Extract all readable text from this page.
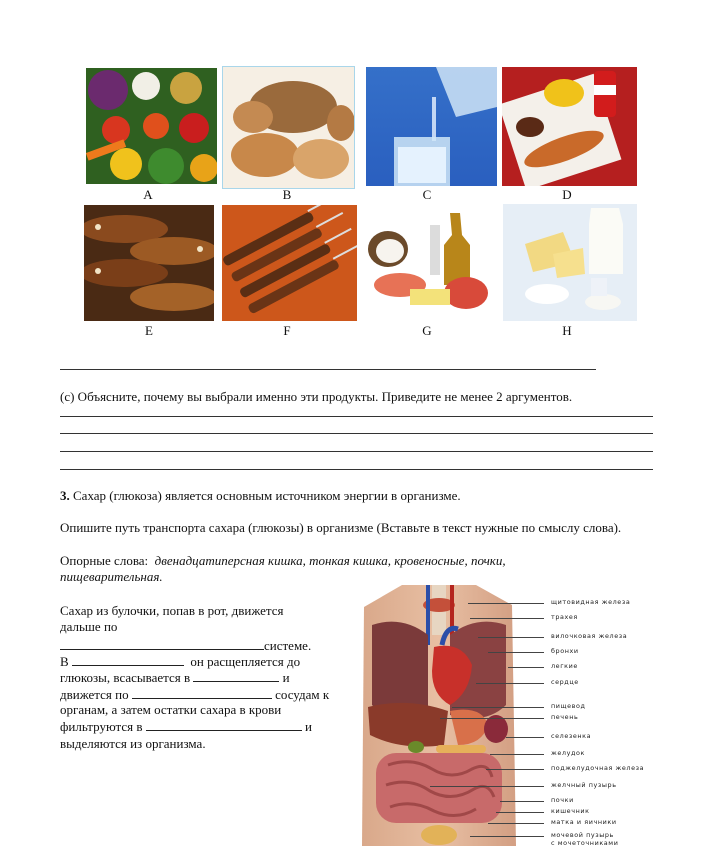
A	B	C	D
E	F	G	H
(c) Объясните, почему вы выбрали именно эти продукты. Приведите не менее 2 аргументов.
3. Сахар (глюкоза) является основным источником энергии в организме.
Опишите путь транспорта сахара (глюкозы) в организме (Вставьте в текст нужные по смыслу слова).
Опорные слова: двенадцатиперсная кишка, тонкая кишка, кровеносные, почки,
пищеварительная.
Сахар из булочки, попав в рот, движется
дальше по
системе.
В	он расщепляется до
глюкозы, всасывается в	и
движется по	сосудам к
органам, а затем остатки сахара в крови
фильтруются в	и
выделяются из организма.
щитовидная железа
трахея
вилочковая железа
бронхи
легкие
сердце
пищевод
печень
селезенка
желудок
поджелудочная железа
желчный пузырь
почки
кишечник
матка и яичники
мочевой пузырь
с мочеточниками
